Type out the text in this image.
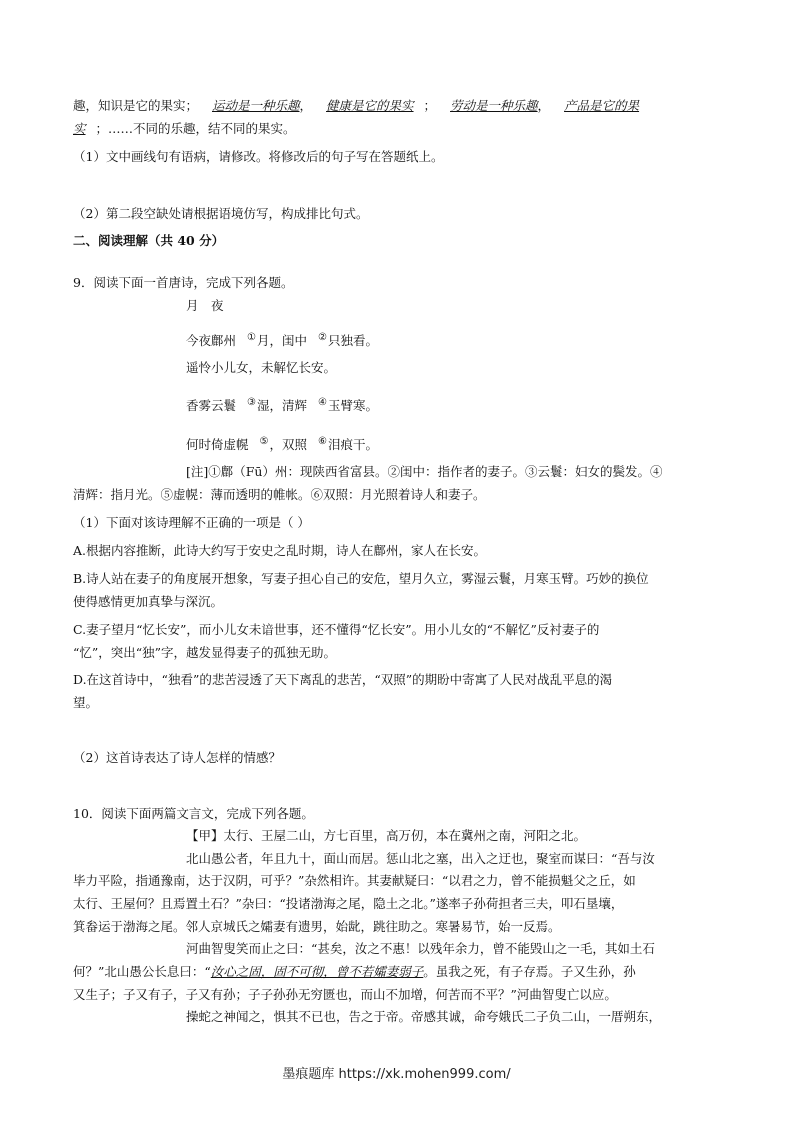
趣，知识是它的果实； 运动是一种乐趣， 健康是它的果实 ； 劳动是一种乐趣， 产品是它的果
实 ；……不同的乐趣，结不同的果实。
（1）文中画线句有语病，请修改。将修改后的句子写在答题纸上。
（2）第二段空缺处请根据语境仿写，构成排比句式。
二、阅读理解（共 40 分）
9．阅读下面一首唐诗，完成下列各题。
月　夜
今夜鄜州 ①月，闺中 ②只独看。
遥怜小儿女，未解忆长安。
香雾云鬟 ③湿，清辉 ④玉臂寒。
何时倚虚幌 ⑤，双照 ⑥泪痕干。
[注]①鄜（Fū）州：现陕西省富县。②闺中：指作者的妻子。③云鬟：妇女的鬓发。④
清辉：指月光。⑤虚幌：薄而透明的帷帐。⑥双照：月光照着诗人和妻子。
（1）下面对该诗理解不正确的一项是（ ）
A.根据内容推断，此诗大约写于安史之乱时期，诗人在鄜州，家人在长安。
B.诗人站在妻子的角度展开想象，写妻子担心自己的安危，望月久立，雾湿云鬟，月寒玉臂。巧妙的换位
使得感情更加真挚与深沉。
C.妻子望月“忆长安”，而小儿女未谙世事，还不懂得“忆长安”。用小儿女的“不解忆”反衬妻子的
“忆”，突出“独”字，越发显得妻子的孤独无助。
D.在这首诗中，“独看”的悲苦浸透了天下离乱的悲苦，“双照”的期盼中寄寓了人民对战乱平息的渴
望。
（2）这首诗表达了诗人怎样的情感？
10．阅读下面两篇文言文，完成下列各题。
【甲】太行、王屋二山，方七百里，高万仞，本在冀州之南，河阳之北。
北山愚公者，年且九十，面山而居。惩山北之塞，出入之迂也，聚室而谋曰：“吾与汝
毕力平险，指通豫南，达于汉阴，可乎？”杂然相许。其妻献疑曰：“以君之力，曾不能损魁父之丘，如
太行、王屋何？且焉置土石？”杂曰：“投诸渤海之尾，隐土之北。”遂率子孙荷担者三夫，叩石垦壤，
箕畚运于渤海之尾。邻人京城氏之孀妻有遗男，始龀，跳往助之。寒暑易节，始一反焉。
河曲智叟笑而止之曰：“甚矣，汝之不惠！以残年余力，曾不能毁山之一毛，其如土石
何？”北山愚公长息曰：“汝心之固，固不可彻，曾不若孀妻弱子。虽我之死，有子存焉。子又生孙，孙
又生子；子又有子，子又有孙；子子孙孙无穷匮也，而山不加增，何苦而不平？”河曲智叟亡以应。
操蛇之神闻之，惧其不已也，告之于帝。帝感其诚，命夸娥氏二子负二山，一厝朔东，
墨痕题库 https://xk.mohen999.com/
